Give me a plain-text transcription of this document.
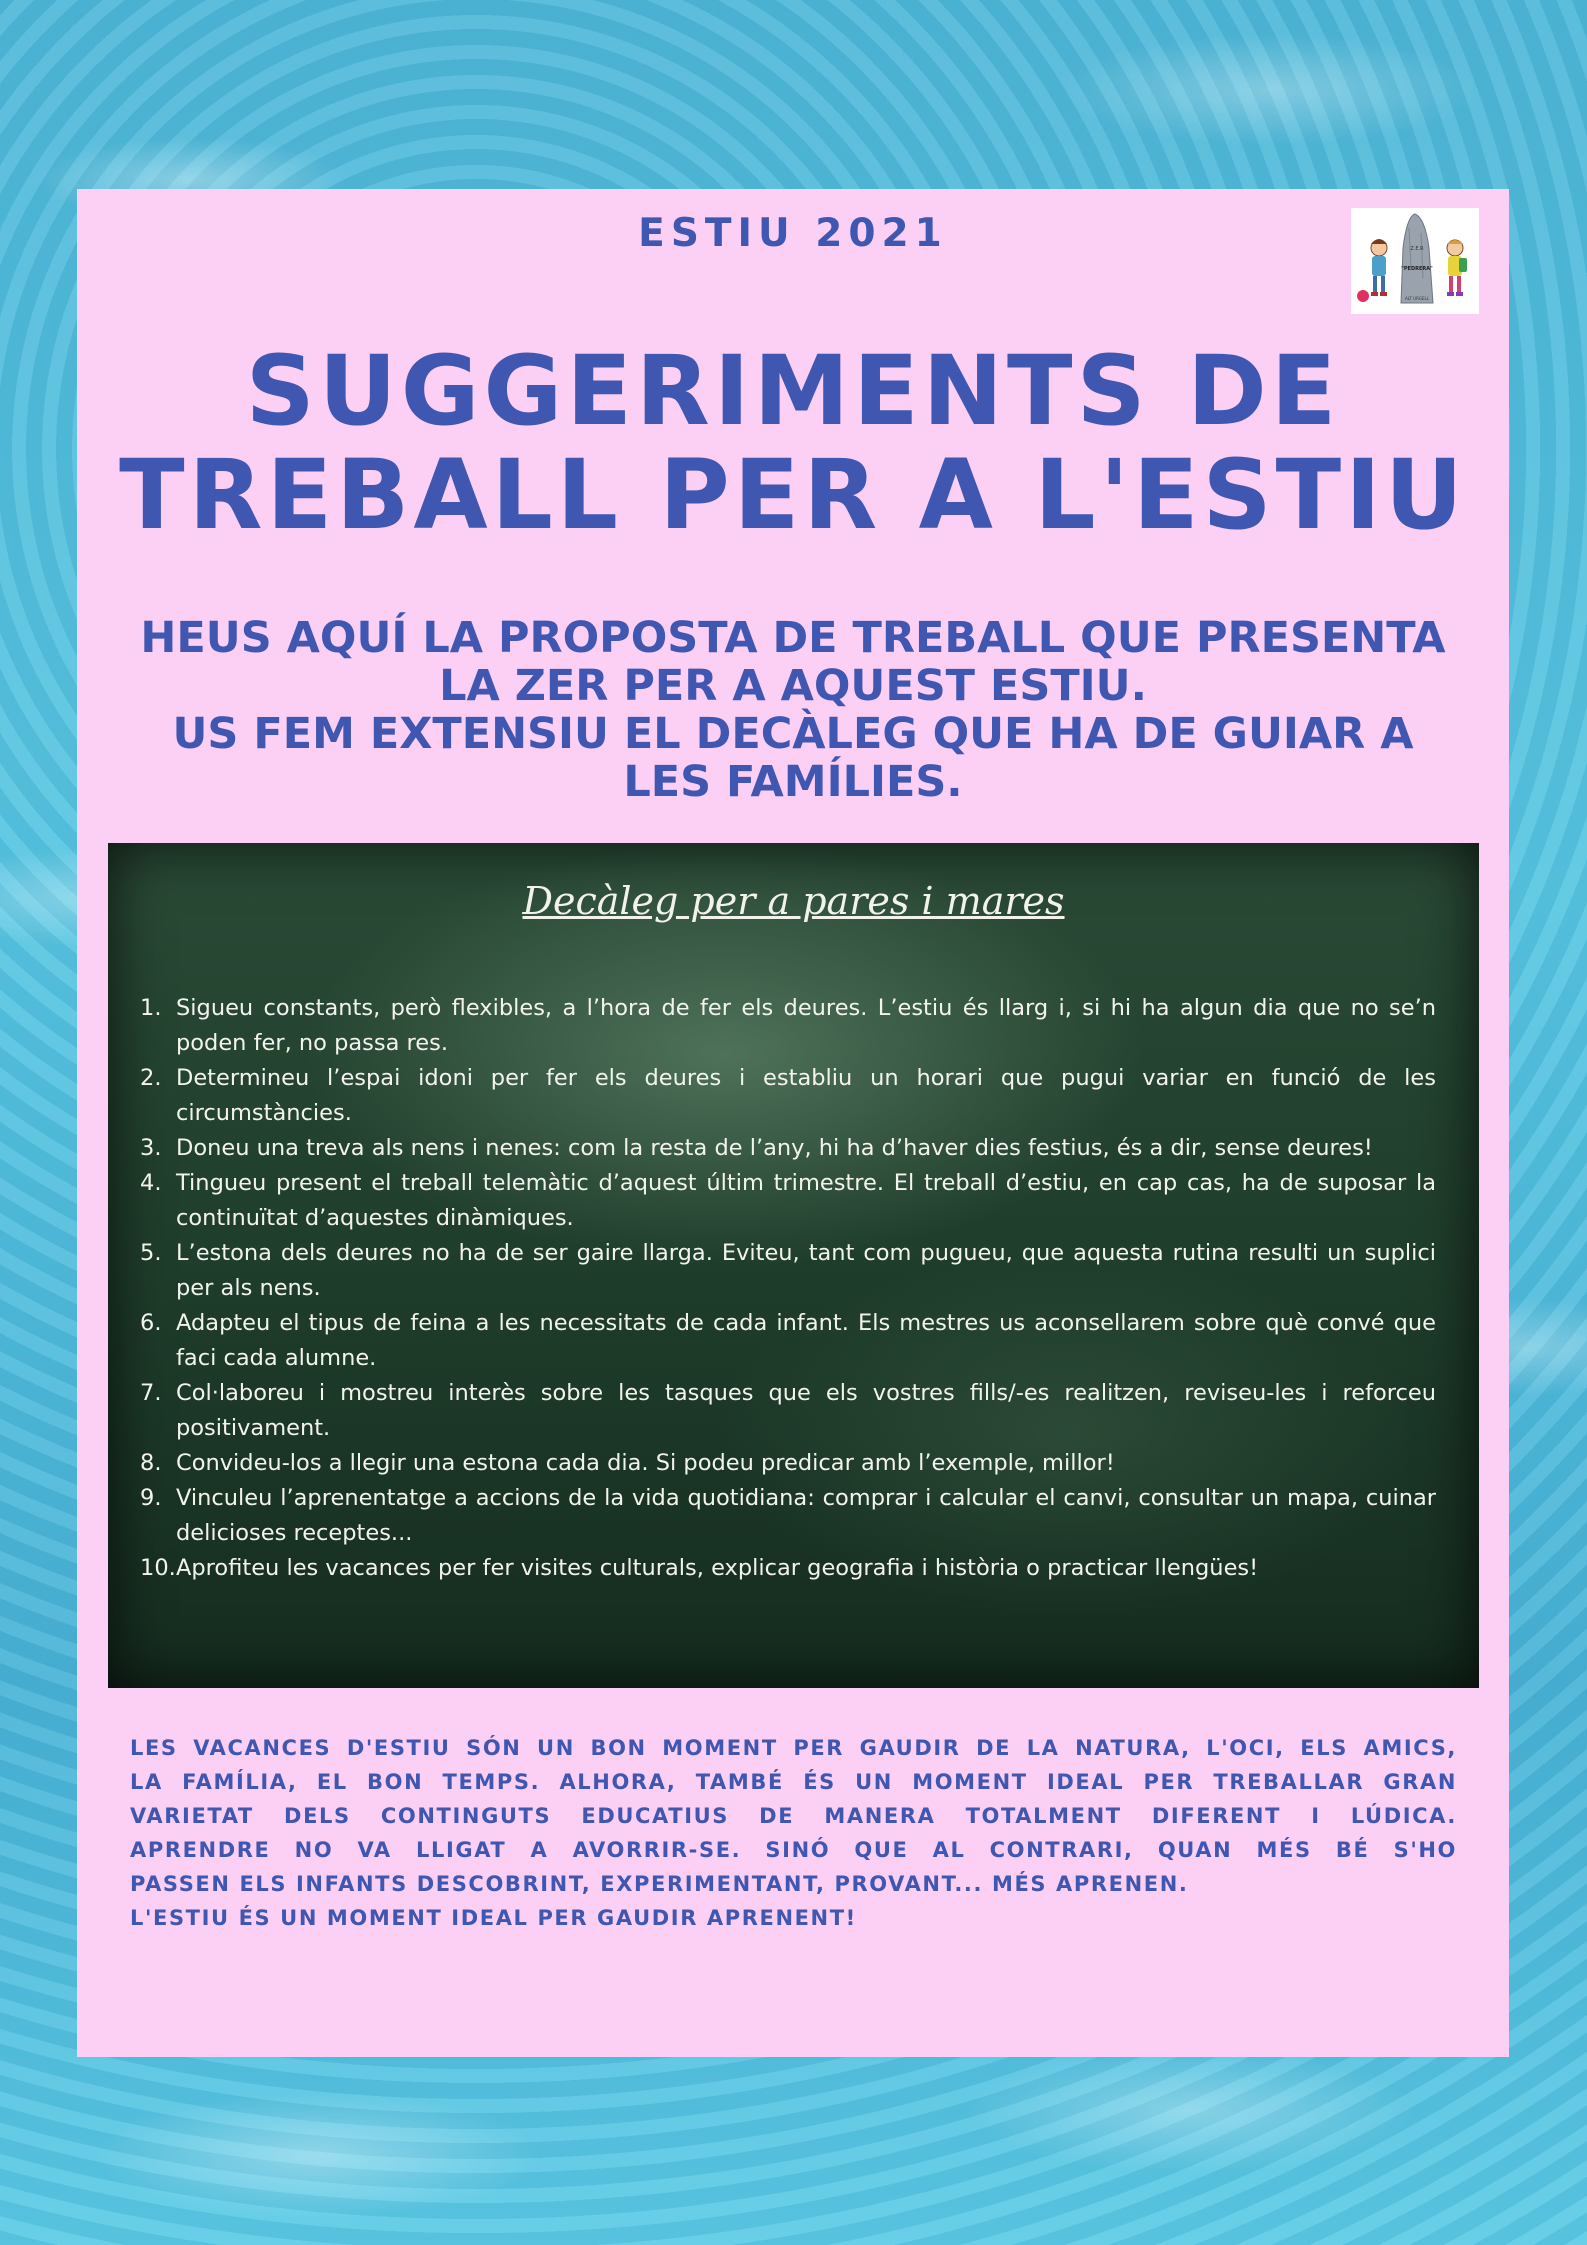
ESTIU 2021	Z.E.R
"PEDRERA"
ALT URGELL
SUGGERIMENTS DE
TREBALL PER A L'ESTIU
HEUS AQUÍ LA PROPOSTA DE TREBALL QUE PRESENTA
LA ZER PER A AQUEST ESTIU.
US FEM EXTENSIU EL DECÀLEG QUE HA DE GUIAR A
LES FAMÍLIES.
Decàleg per a pares i mares
1. Sigueu constants, però flexibles, a l’hora de fer els deures. L’estiu és llarg i, si hi ha algun dia que no se’n poden fer, no passa res.
2. Determineu l’espai idoni per fer els deures i establiu un horari que pugui variar en funció de les circumstàncies.
3. Doneu una treva als nens i nenes: com la resta de l’any, hi ha d’haver dies festius, és a dir, sense deures!
4. Tingueu present el treball telemàtic d’aquest últim trimestre. El treball d’estiu, en cap cas, ha de suposar la continuïtat d’aquestes dinàmiques.
5. L’estona dels deures no ha de ser gaire llarga. Eviteu, tant com pugueu, que aquesta rutina resulti un suplici per als nens.
6. Adapteu el tipus de feina a les necessitats de cada infant. Els mestres us aconsellarem sobre què convé que faci cada alumne.
7. Col·laboreu i mostreu interès sobre les tasques que els vostres fills/-es realitzen, reviseu-les i reforceu positivament.
8. Convideu-los a llegir una estona cada dia. Si podeu predicar amb l’exemple, millor!
9. Vinculeu l’aprenentatge a accions de la vida quotidiana: comprar i calcular el canvi, consultar un mapa, cuinar delicioses receptes...
10. Aprofiteu les vacances per fer visites culturals, explicar geografia i història o practicar llengües!
LES VACANCES D'ESTIU SÓN UN BON MOMENT PER GAUDIR DE LA NATURA, L'OCI, ELS AMICS,
LA FAMÍLIA, EL BON TEMPS. ALHORA, TAMBÉ ÉS UN MOMENT IDEAL PER TREBALLAR GRAN
VARIETAT DELS CONTINGUTS EDUCATIUS DE MANERA TOTALMENT DIFERENT I LÚDICA.
APRENDRE NO VA LLIGAT A AVORRIR-SE. SINÓ QUE AL CONTRARI, QUAN MÉS BÉ S'HO
PASSEN ELS INFANTS DESCOBRINT, EXPERIMENTANT, PROVANT... MÉS APRENEN.
L'ESTIU ÉS UN MOMENT IDEAL PER GAUDIR APRENENT!
